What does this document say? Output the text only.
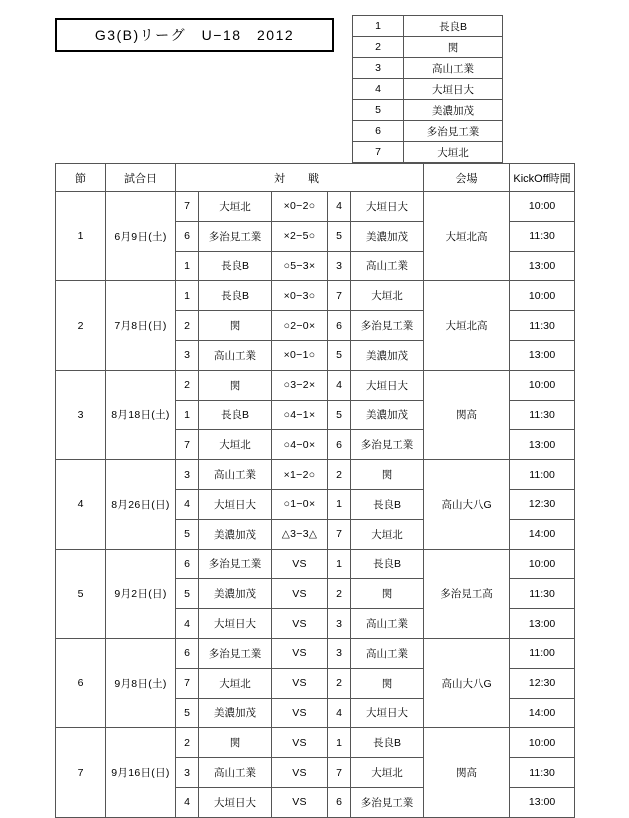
G3(B)リーグ　U−18　2012
1	長良B
2	関
3	高山工業
4	大垣日大
5	美濃加茂
6	多治見工業
7	大垣北
節	試合日	対　戦					会場	KickOff時間
1	6月9日(土)	7	大垣北	×0−2○	4	大垣日大	大垣北高	10:00
		6	多治見工業	×2−5○	5	美濃加茂		11:30
		1	長良B	○5−3×	3	高山工業		13:00
2	7月8日(日)	1	長良B	×0−3○	7	大垣北	大垣北高	10:00
		2	関	○2−0×	6	多治見工業		11:30
		3	高山工業	×0−1○	5	美濃加茂		13:00
3	8月18日(土)	2	関	○3−2×	4	大垣日大	関高	10:00
		1	長良B	○4−1×	5	美濃加茂		11:30
		7	大垣北	○4−0×	6	多治見工業		13:00
4	8月26日(日)	3	高山工業	×1−2○	2	関	高山大八G	11:00
		4	大垣日大	○1−0×	1	長良B		12:30
		5	美濃加茂	△3−3△	7	大垣北		14:00
5	9月2日(日)	6	多治見工業	VS	1	長良B	多治見工高	10:00
		5	美濃加茂	VS	2	関		11:30
		4	大垣日大	VS	3	高山工業		13:00
6	9月8日(土)	6	多治見工業	VS	3	高山工業	高山大八G	11:00
		7	大垣北	VS	2	関		12:30
		5	美濃加茂	VS	4	大垣日大		14:00
7	9月16日(日)	2	関	VS	1	長良B	関高	10:00
		3	高山工業	VS	7	大垣北		11:30
		4	大垣日大	VS	6	多治見工業		13:00
